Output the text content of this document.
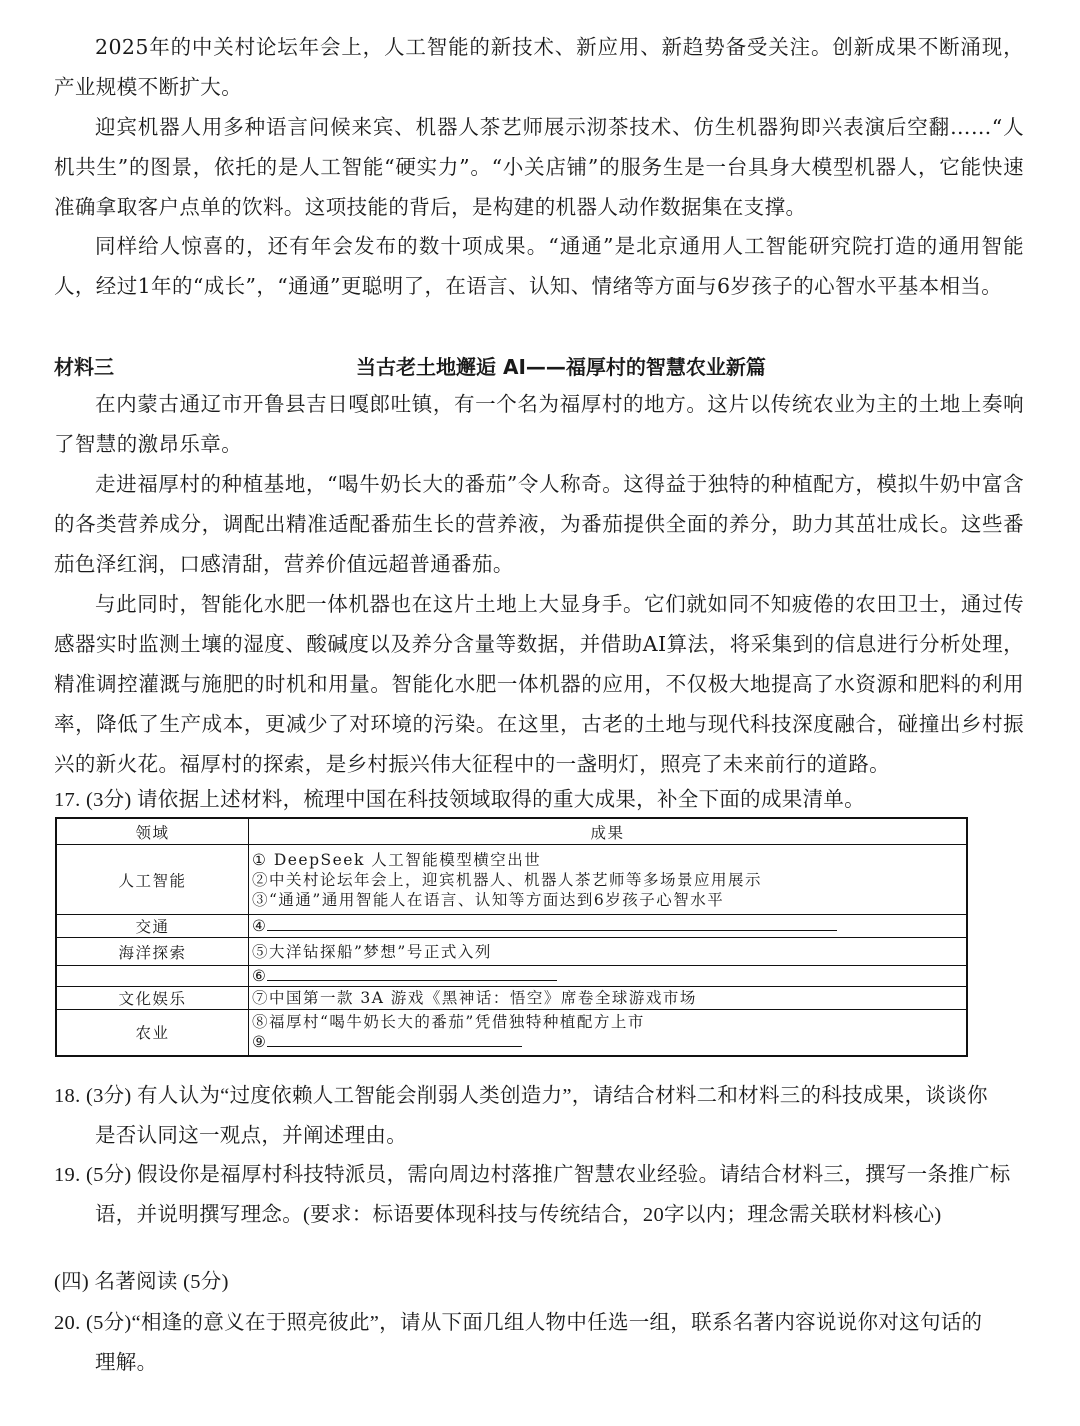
2025年的中关村论坛年会上，人工智能的新技术、新应用、新趋势备受关注。创新成果不断涌现，产业规模不断扩大。

迎宾机器人用多种语言问候来宾、机器人茶艺师展示沏茶技术、仿生机器狗即兴表演后空翻……“人机共生”的图景，依托的是人工智能“硬实力”。“小关店铺”的服务生是一台具身大模型机器人，它能快速准确拿取客户点单的饮料。这项技能的背后，是构建的机器人动作数据集在支撑。

同样给人惊喜的，还有年会发布的数十项成果。“通通”是北京通用人工智能研究院打造的通用智能人，经过1年的“成长”，“通通”更聪明了，在语言、认知、情绪等方面与6岁孩子的心智水平基本相当。

材料三	当古老土地邂逅 AI——福厚村的智慧农业新篇

在内蒙古通辽市开鲁县吉日嘎郎吐镇，有一个名为福厚村的地方。这片以传统农业为主的土地上奏响了智慧的激昂乐章。

走进福厚村的种植基地，“喝牛奶长大的番茄”令人称奇。这得益于独特的种植配方，模拟牛奶中富含的各类营养成分，调配出精准适配番茄生长的营养液，为番茄提供全面的养分，助力其茁壮成长。这些番茄色泽红润，口感清甜，营养价值远超普通番茄。

与此同时，智能化水肥一体机器也在这片土地上大显身手。它们就如同不知疲倦的农田卫士，通过传感器实时监测土壤的湿度、酸碱度以及养分含量等数据，并借助AI算法，将采集到的信息进行分析处理，精准调控灌溉与施肥的时机和用量。智能化水肥一体机器的应用，不仅极大地提高了水资源和肥料的利用率，降低了生产成本，更减少了对环境的污染。在这里，古老的土地与现代科技深度融合，碰撞出乡村振兴的新火花。福厚村的探索，是乡村振兴伟大征程中的一盏明灯，照亮了未来前行的道路。

17. (3分) 请依据上述材料，梳理中国在科技领域取得的重大成果，补全下面的成果清单。

领域	成果
人工智能	① DeepSeek 人工智能模型横空出世
②中关村论坛年会上，迎宾机器人、机器人茶艺师等多场景应用展示
③“通通”通用智能人在语言、认知等方面达到6岁孩子心智水平

交通	④
海洋探索	⑤大洋钻探船”梦想”号正式入列
	⑥
文化娱乐	⑦中国第一款 3A 游戏《黑神话：悟空》席卷全球游戏市场
农业	⑧福厚村“喝牛奶长大的番茄”凭借独特种植配方上市
⑨
18. (3分) 有人认为“过度依赖人工智能会削弱人类创造力”，请结合材料二和材料三的科技成果，谈谈你
是否认同这一观点，并阐述理由。
19. (5分) 假设你是福厚村科技特派员，需向周边村落推广智慧农业经验。请结合材料三，撰写一条推广标
语，并说明撰写理念。(要求：标语要体现科技与传统结合，20字以内；理念需关联材料核心)

(四) 名著阅读 (5分)

20. (5分)“相逢的意义在于照亮彼此”，请从下面几组人物中任选一组，联系名著内容说说你对这句话的
理解。
